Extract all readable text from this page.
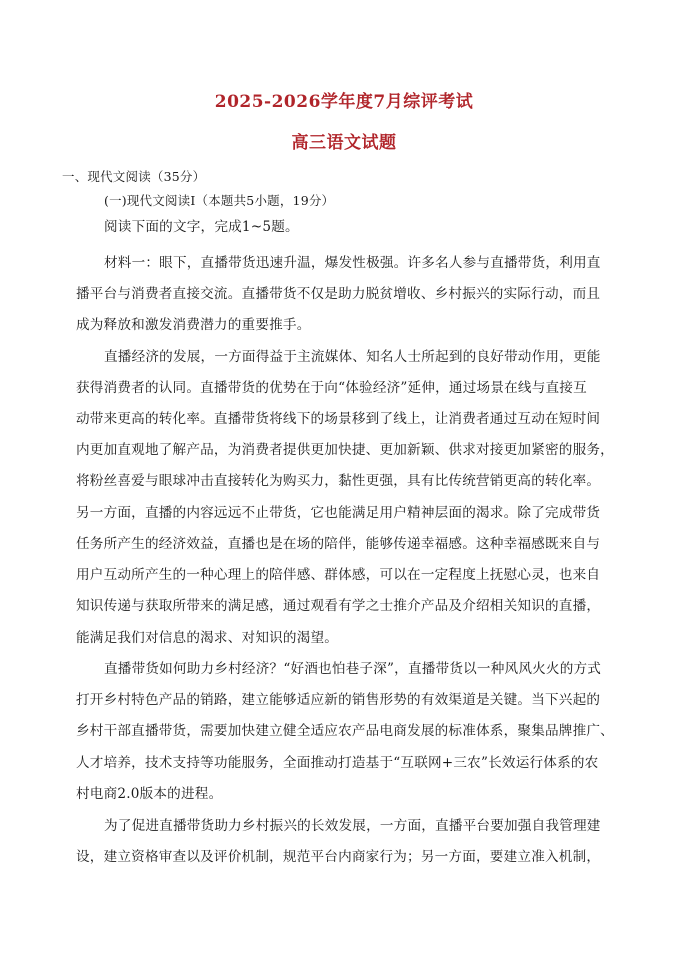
2025-2026学年度7月综评考试
高三语文试题
一、现代文阅读（35分）
(一)现代文阅读Ⅰ（本题共5小题，19分）
阅读下面的文字，完成1~5题。
材料一：眼下，直播带货迅速升温，爆发性极强。许多名人参与直播带货，利用直
播平台与消费者直接交流。直播带货不仅是助力脱贫增收、乡村振兴的实际行动，而且
成为释放和激发消费潜力的重要推手。
直播经济的发展，一方面得益于主流媒体、知名人士所起到的良好带动作用，更能
获得消费者的认同。直播带货的优势在于向“体验经济”延伸，通过场景在线与直接互
动带来更高的转化率。直播带货将线下的场景移到了线上，让消费者通过互动在短时间
内更加直观地了解产品，为消费者提供更加快捷、更加新颖、供求对接更加紧密的服务，
将粉丝喜爱与眼球冲击直接转化为购买力，黏性更强，具有比传统营销更高的转化率。
另一方面，直播的内容远远不止带货，它也能满足用户精神层面的渴求。除了完成带货
任务所产生的经济效益，直播也是在场的陪伴，能够传递幸福感。这种幸福感既来自与
用户互动所产生的一种心理上的陪伴感、群体感，可以在一定程度上抚慰心灵，也来自
知识传递与获取所带来的满足感，通过观看有学之士推介产品及介绍相关知识的直播，
能满足我们对信息的渴求、对知识的渴望。
直播带货如何助力乡村经济？“好酒也怕巷子深”，直播带货以一种风风火火的方式
打开乡村特色产品的销路，建立能够适应新的销售形势的有效渠道是关键。当下兴起的
乡村干部直播带货，需要加快建立健全适应农产品电商发展的标准体系，聚集品牌推广、
人才培养，技术支持等功能服务，全面推动打造基于“互联网+三农”长效运行体系的农
村电商2.0版本的进程。
为了促进直播带货助力乡村振兴的长效发展，一方面，直播平台要加强自我管理建
设，建立资格审查以及评价机制，规范平台内商家行为；另一方面，要建立准入机制，
